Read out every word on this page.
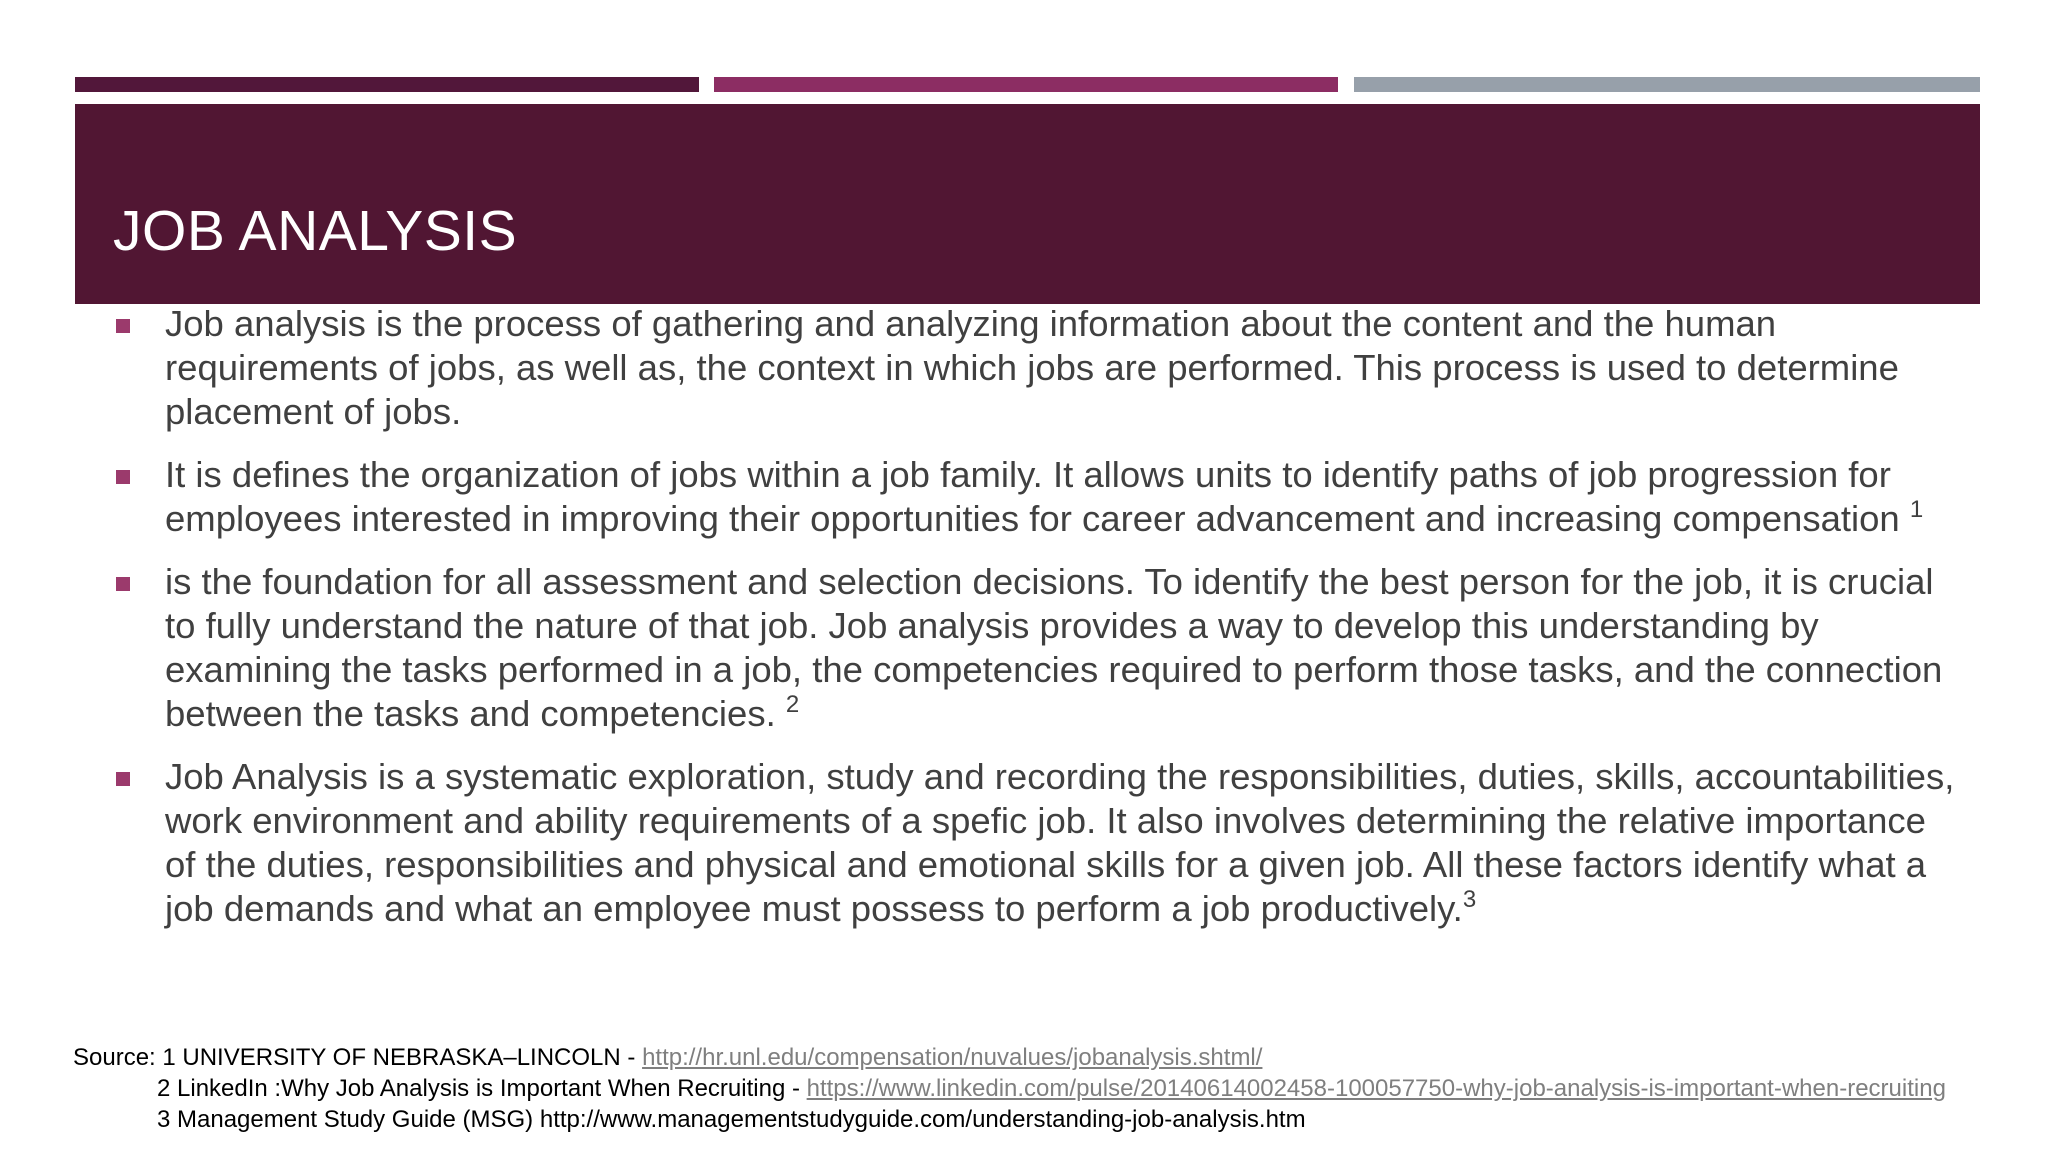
JOB ANALYSIS
Job analysis is the process of gathering and analyzing information about the content and the human requirements of jobs, as well as, the context in which jobs are performed. This process is used to determine placement of jobs.
It is defines the organization of jobs within a job family. It allows units to identify paths of job progression for employees interested in improving their opportunities for career advancement and increasing compensation $^1$
is the foundation for all assessment and selection decisions. To identify the best person for the job, it is crucial to fully understand the nature of that job. Job analysis provides a way to develop this understanding by examining the tasks performed in a job, the competencies required to perform those tasks, and the connection between the tasks and competencies. $^2$
Job Analysis is a systematic exploration, study and recording the responsibilities, duties, skills, accountabilities, work environment and ability requirements of a spefic job. It also involves determining the relative importance of the duties, responsibilities and physical and emotional skills for a given job. All these factors identify what a job demands and what an employee must possess to perform a job productively.$^3$
Source: 1 UNIVERSITY OF NEBRASKA–LINCOLN - http://hr.unl.edu/compensation/nuvalues/jobanalysis.shtml/
2 LinkedIn :Why Job Analysis is Important When Recruiting - https://www.linkedin.com/pulse/20140614002458-100057750-why-job-analysis-is-important-when-recruiting
3 Management Study Guide (MSG) http://www.managementstudyguide.com/understanding-job-analysis.htm
